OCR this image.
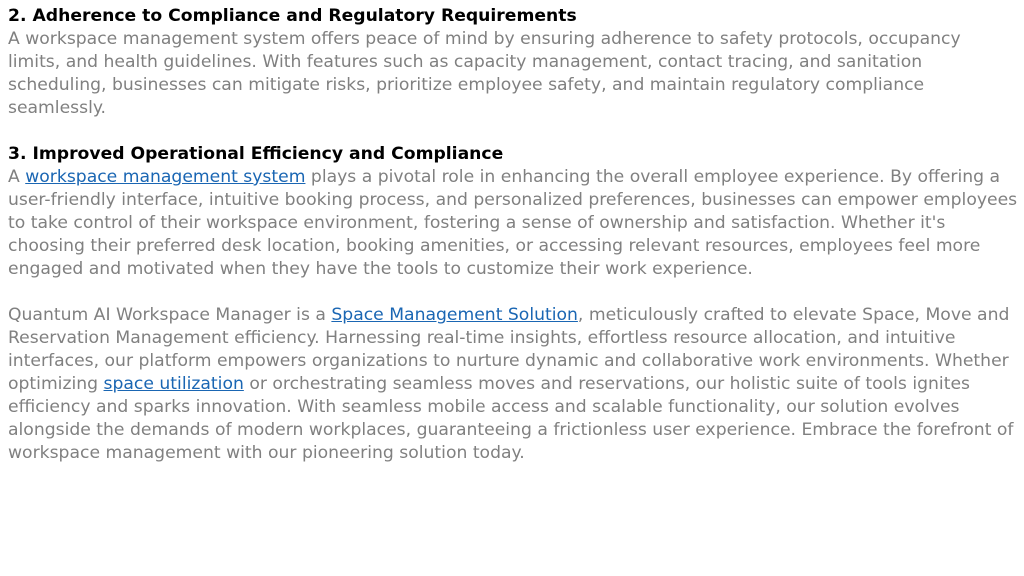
2. Adherence to Compliance and Regulatory Requirements

A workspace management system offers peace of mind by ensuring adherence to safety protocols, occupancy limits, and health guidelines. With features such as capacity management, contact tracing, and sanitation scheduling, businesses can mitigate risks, prioritize employee safety, and maintain regulatory compliance seamlessly.

3. Improved Operational Efficiency and Compliance

A workspace management system plays a pivotal role in enhancing the overall employee experience. By offering a user-friendly interface, intuitive booking process, and personalized preferences, businesses can empower employees to take control of their workspace environment, fostering a sense of ownership and satisfaction. Whether it's choosing their preferred desk location, booking amenities, or accessing relevant resources, employees feel more engaged and motivated when they have the tools to customize their work experience.

Quantum AI Workspace Manager is a Space Management Solution, meticulously crafted to elevate Space, Move and Reservation Management efficiency. Harnessing real-time insights, effortless resource allocation, and intuitive interfaces, our platform empowers organizations to nurture dynamic and collaborative work environments. Whether optimizing space utilization or orchestrating seamless moves and reservations, our holistic suite of tools ignites efficiency and sparks innovation. With seamless mobile access and scalable functionality, our solution evolves alongside the demands of modern workplaces, guaranteeing a frictionless user experience. Embrace the forefront of workspace management with our pioneering solution today.
